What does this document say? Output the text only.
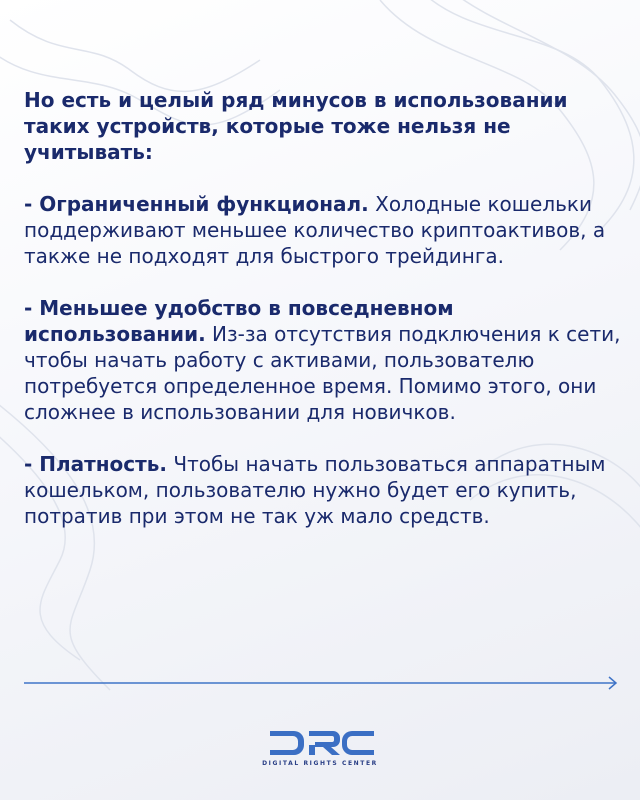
Но есть и целый ряд минусов в использовании таких устройств, которые тоже нельзя не учитывать:

- Ограниченный функционал. Холодные кошельки поддерживают меньшее количество криптоактивов, а также не подходят для быстрого трейдинга.

- Меньшее удобство в повседневном использовании. Из-за отсутствия подключения к сети, чтобы начать работу с активами, пользователю потребуется определенное время. Помимо этого, они сложнее в использовании для новичков.

- Платность. Чтобы начать пользоваться аппаратным кошельком, пользователю нужно будет его купить, потратив при этом не так уж мало средств.

DIGITAL RIGHTS CENTER
